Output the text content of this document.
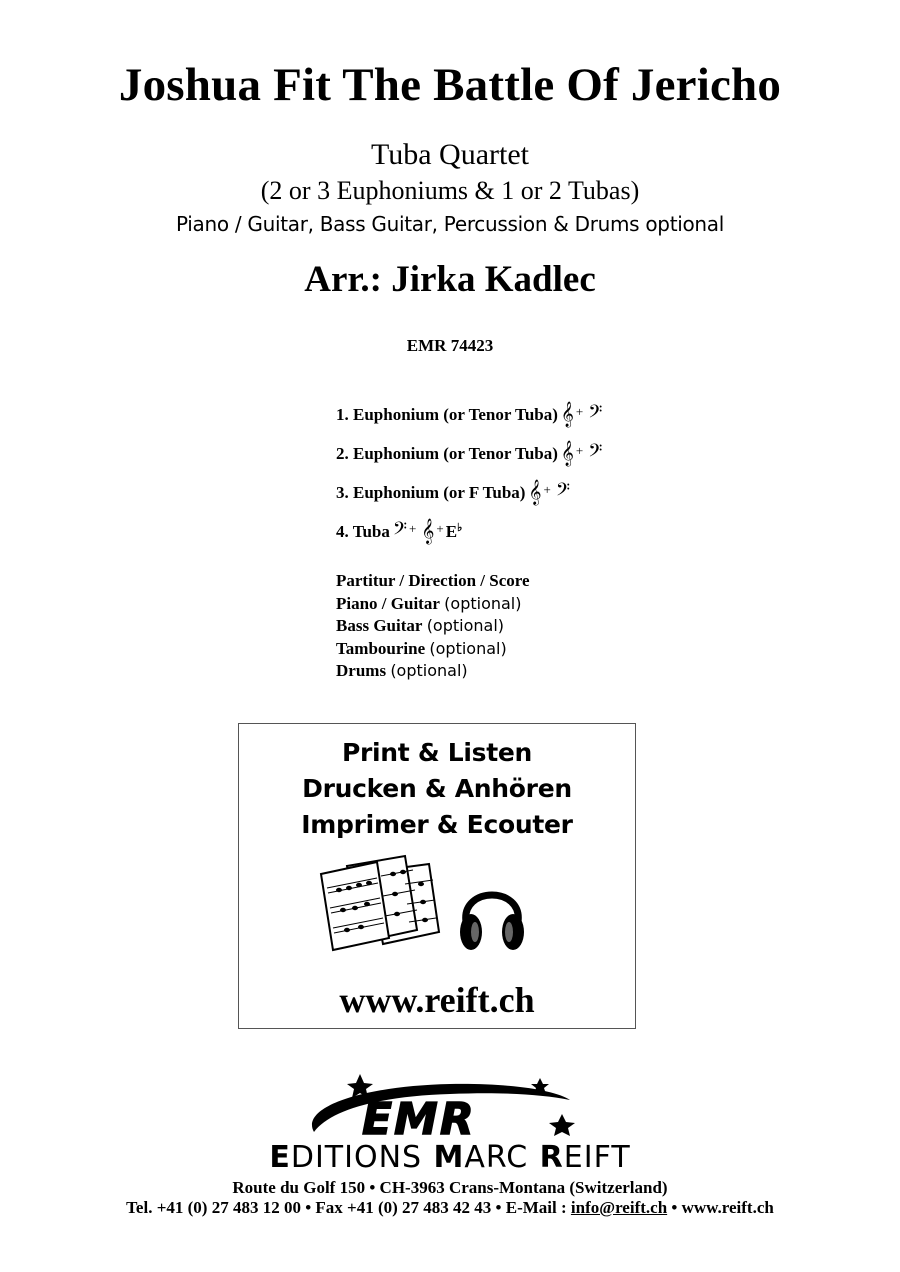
Joshua Fit The Battle Of Jericho
Tuba Quartet
(2 or 3 Euphoniums & 1 or 2 Tubas)
Piano / Guitar, Bass Guitar, Percussion & Drums optional
Arr.: Jirka Kadlec
EMR 74423
1. Euphonium (or Tenor Tuba) 𝄞 + 𝄢
2. Euphonium (or Tenor Tuba) 𝄞 + 𝄢
3. Euphonium (or F Tuba) 𝄞 + 𝄢
4. Tuba 𝄢 + 𝄞 + E♭
Partitur / Direction / Score
Piano / Guitar (optional)
Bass Guitar (optional)
Tambourine (optional)
Drums (optional)
Print & Listen
Drucken & Anhören
Imprimer & Ecouter
www.reift.ch
EMR
EDITIONS MARC REIFT
Route du Golf 150 • CH-3963 Crans-Montana (Switzerland)
Tel. +41 (0) 27 483 12 00 • Fax +41 (0) 27 483 42 43 • E-Mail : info@reift.ch • www.reift.ch
